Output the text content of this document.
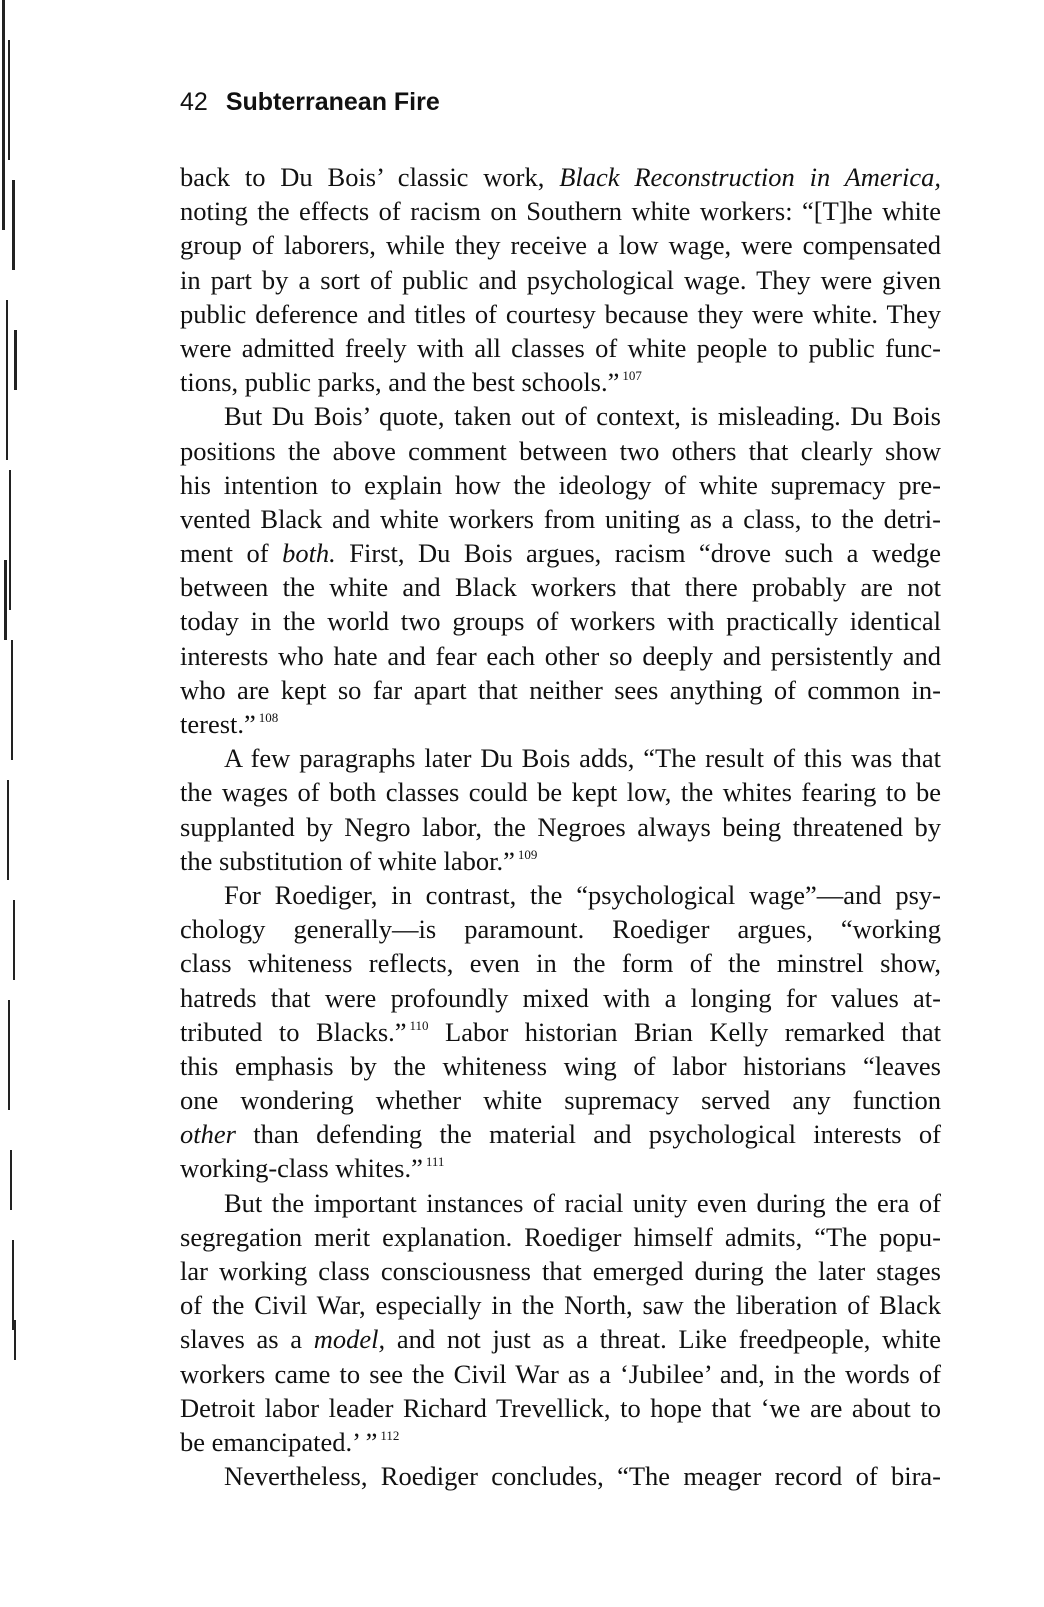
42 Subterranean Fire
back to Du Bois’ classic work, Black Reconstruction in America,
noting the effects of racism on Southern white workers: “[T]he white
group of laborers, while they receive a low wage, were compensated
in part by a sort of public and psychological wage. They were given
public deference and titles of courtesy because they were white. They
were admitted freely with all classes of white people to public func-
tions, public parks, and the best schools.” $^{107}$
But Du Bois’ quote, taken out of context, is misleading. Du Bois
positions the above comment between two others that clearly show
his intention to explain how the ideology of white supremacy pre-
vented Black and white workers from uniting as a class, to the detri-
ment of both. First, Du Bois argues, racism “drove such a wedge
between the white and Black workers that there probably are not
today in the world two groups of workers with practically identical
interests who hate and fear each other so deeply and persistently and
who are kept so far apart that neither sees anything of common in-
terest.” $^{108}$
A few paragraphs later Du Bois adds, “The result of this was that
the wages of both classes could be kept low, the whites fearing to be
supplanted by Negro labor, the Negroes always being threatened by
the substitution of white labor.” $^{109}$
For Roediger, in contrast, the “psychological wage”—and psy-
chology generally—is paramount. Roediger argues, “working
class whiteness reflects, even in the form of the minstrel show,
hatreds that were profoundly mixed with a longing for values at-
tributed to Blacks.” $^{110}$ Labor historian Brian Kelly remarked that
this emphasis by the whiteness wing of labor historians “leaves
one wondering whether white supremacy served any function
other than defending the material and psychological interests of
working-class whites.” $^{111}$
But the important instances of racial unity even during the era of
segregation merit explanation. Roediger himself admits, “The popu-
lar working class consciousness that emerged during the later stages
of the Civil War, especially in the North, saw the liberation of Black
slaves as a model, and not just as a threat. Like freedpeople, white
workers came to see the Civil War as a ‘Jubilee’ and, in the words of
Detroit labor leader Richard Trevellick, to hope that ‘we are about to
be emancipated.’ ” $^{112}$
Nevertheless, Roediger concludes, “The meager record of bira-
